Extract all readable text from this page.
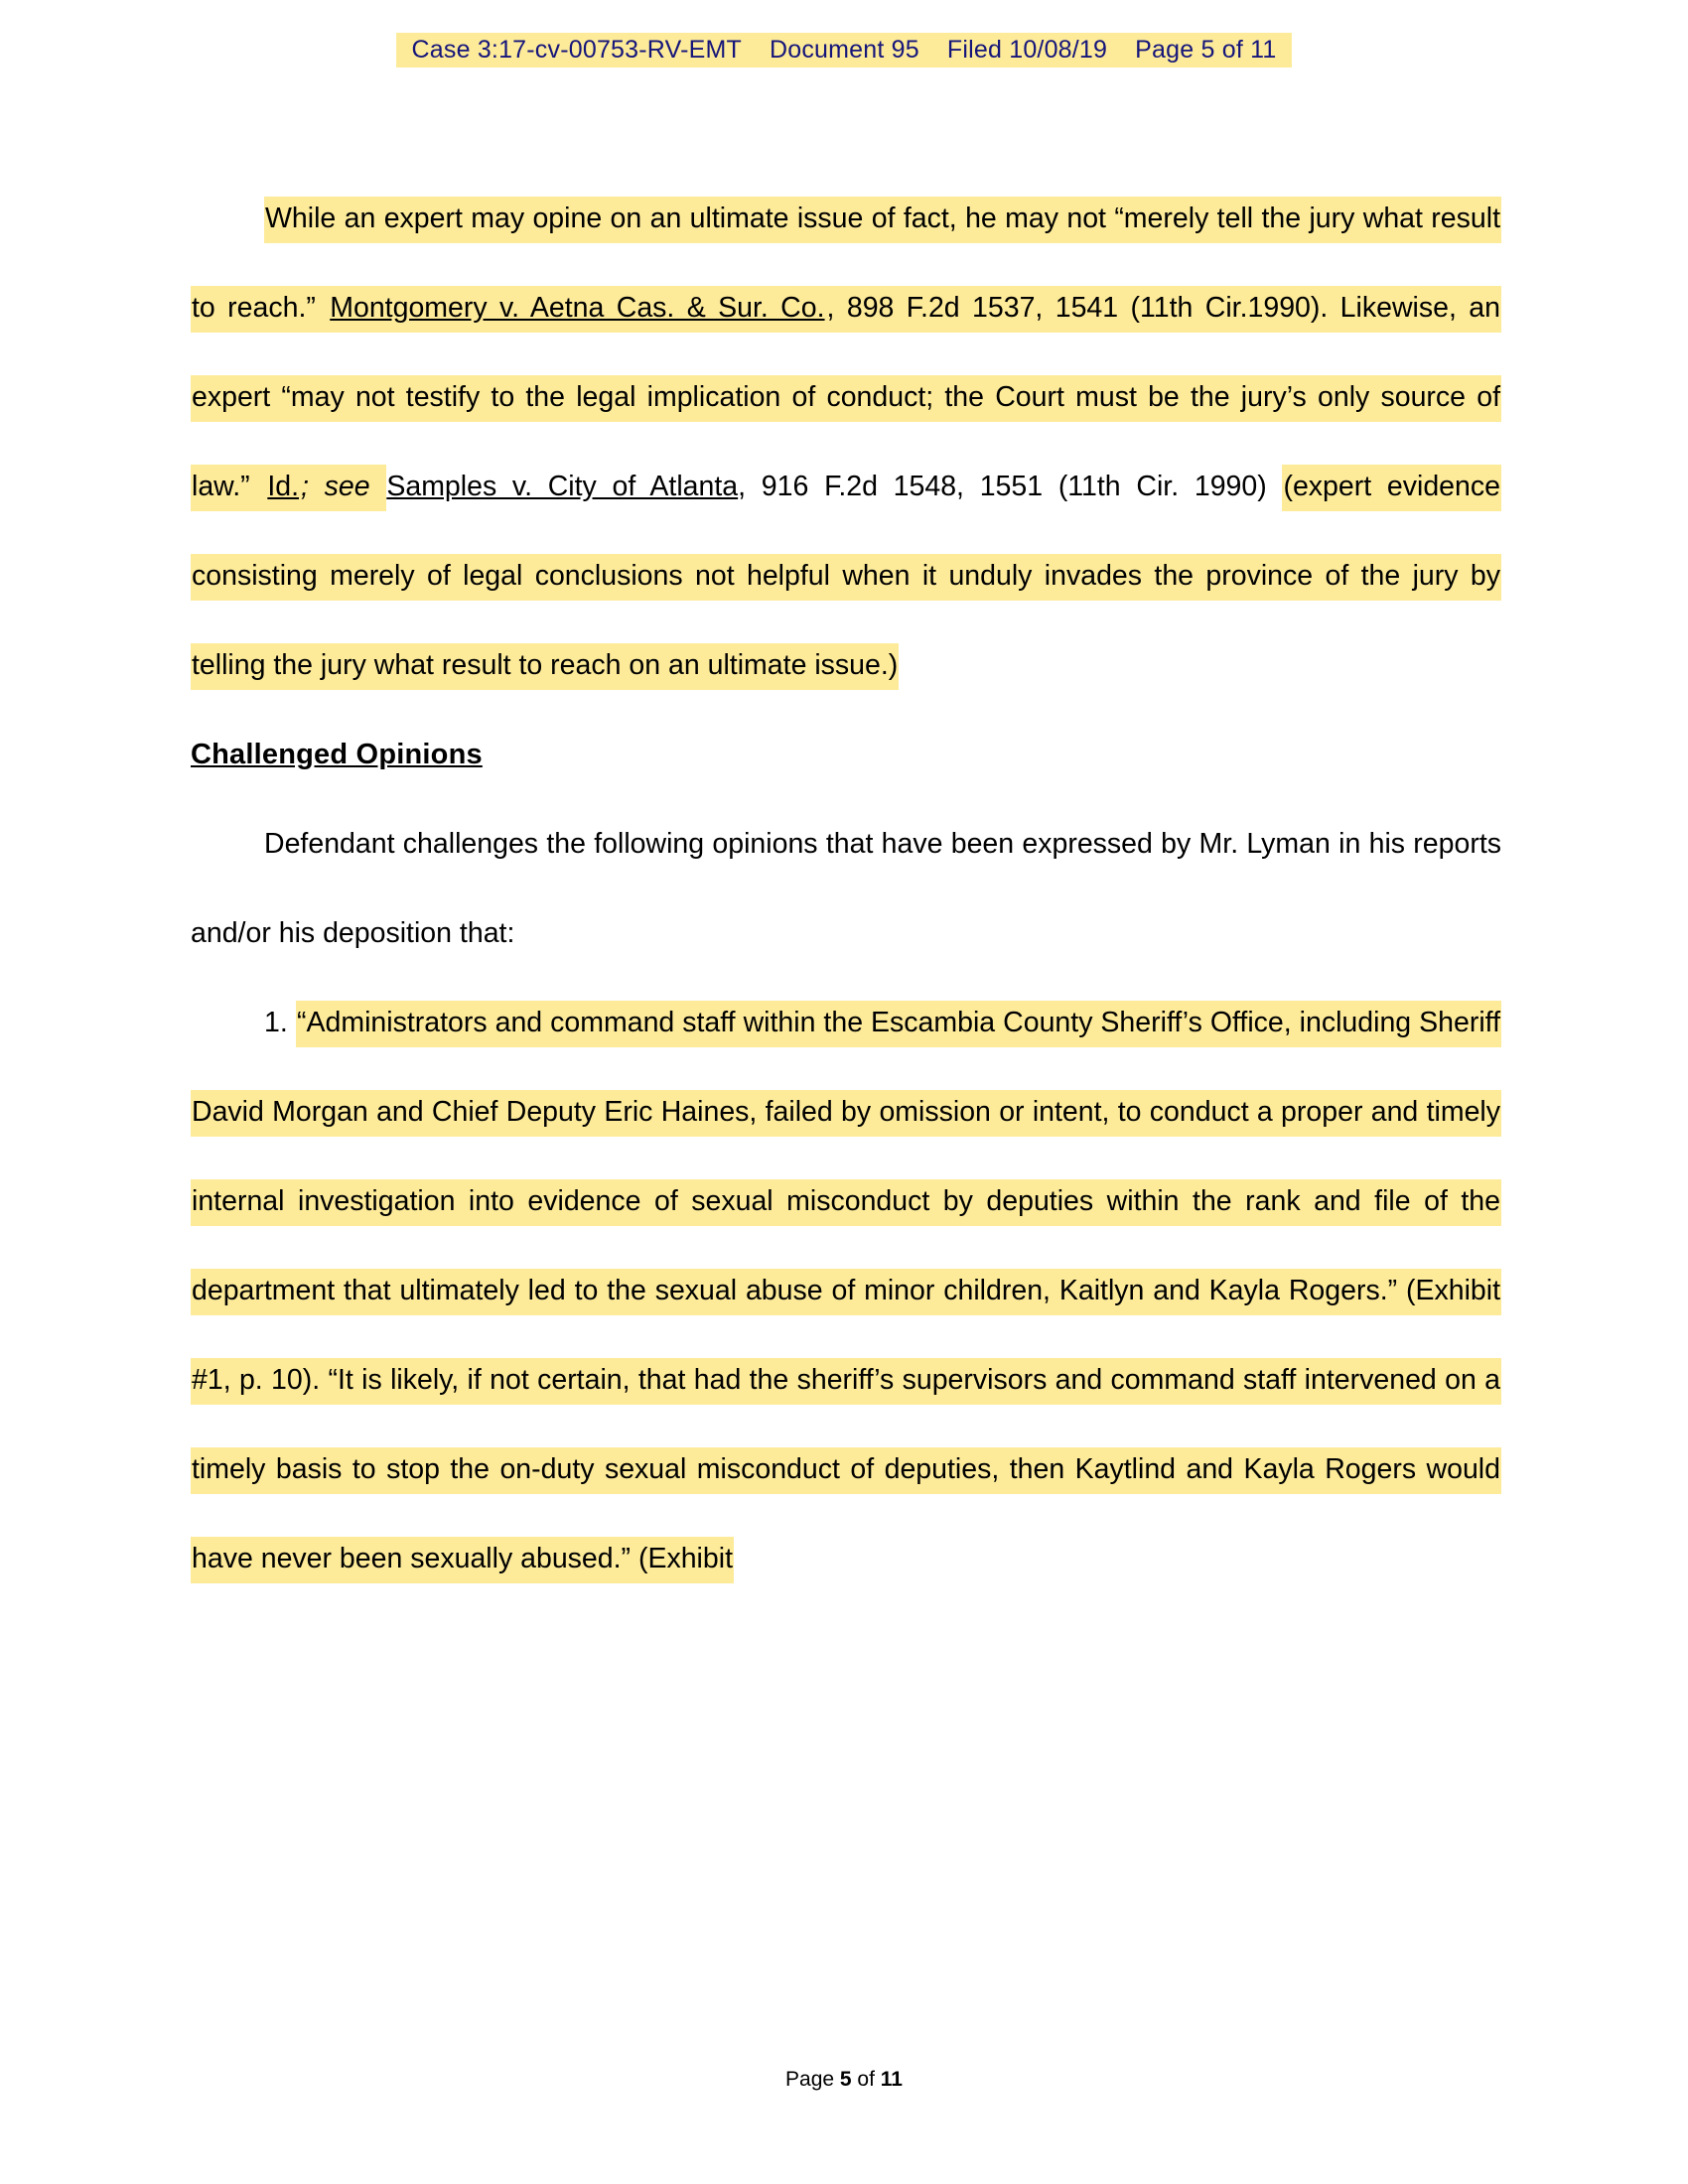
Case 3:17-cv-00753-RV-EMT Document 95 Filed 10/08/19 Page 5 of 11

While an expert may opine on an ultimate issue of fact, he may not “merely tell the jury what result to reach.” Montgomery v. Aetna Cas. & Sur. Co., 898 F.2d 1537, 1541 (11th Cir.1990). Likewise, an expert “may not testify to the legal implication of conduct; the Court must be the jury’s only source of law.” Id.; see Samples v. City of Atlanta, 916 F.2d 1548, 1551 (11th Cir. 1990) (expert evidence consisting merely of legal conclusions not helpful when it unduly invades the province of the jury by telling the jury what result to reach on an ultimate issue.)

Challenged Opinions

Defendant challenges the following opinions that have been expressed by Mr. Lyman in his reports and/or his deposition that:

1. “Administrators and command staff within the Escambia County Sheriff’s Office, including Sheriff David Morgan and Chief Deputy Eric Haines, failed by omission or intent, to conduct a proper and timely internal investigation into evidence of sexual misconduct by deputies within the rank and file of the department that ultimately led to the sexual abuse of minor children, Kaitlyn and Kayla Rogers.” (Exhibit #1, p. 10). “It is likely, if not certain, that had the sheriff’s supervisors and command staff intervened on a timely basis to stop the on-duty sexual misconduct of deputies, then Kaytlind and Kayla Rogers would have never been sexually abused.” (Exhibit

Page 5 of 11
